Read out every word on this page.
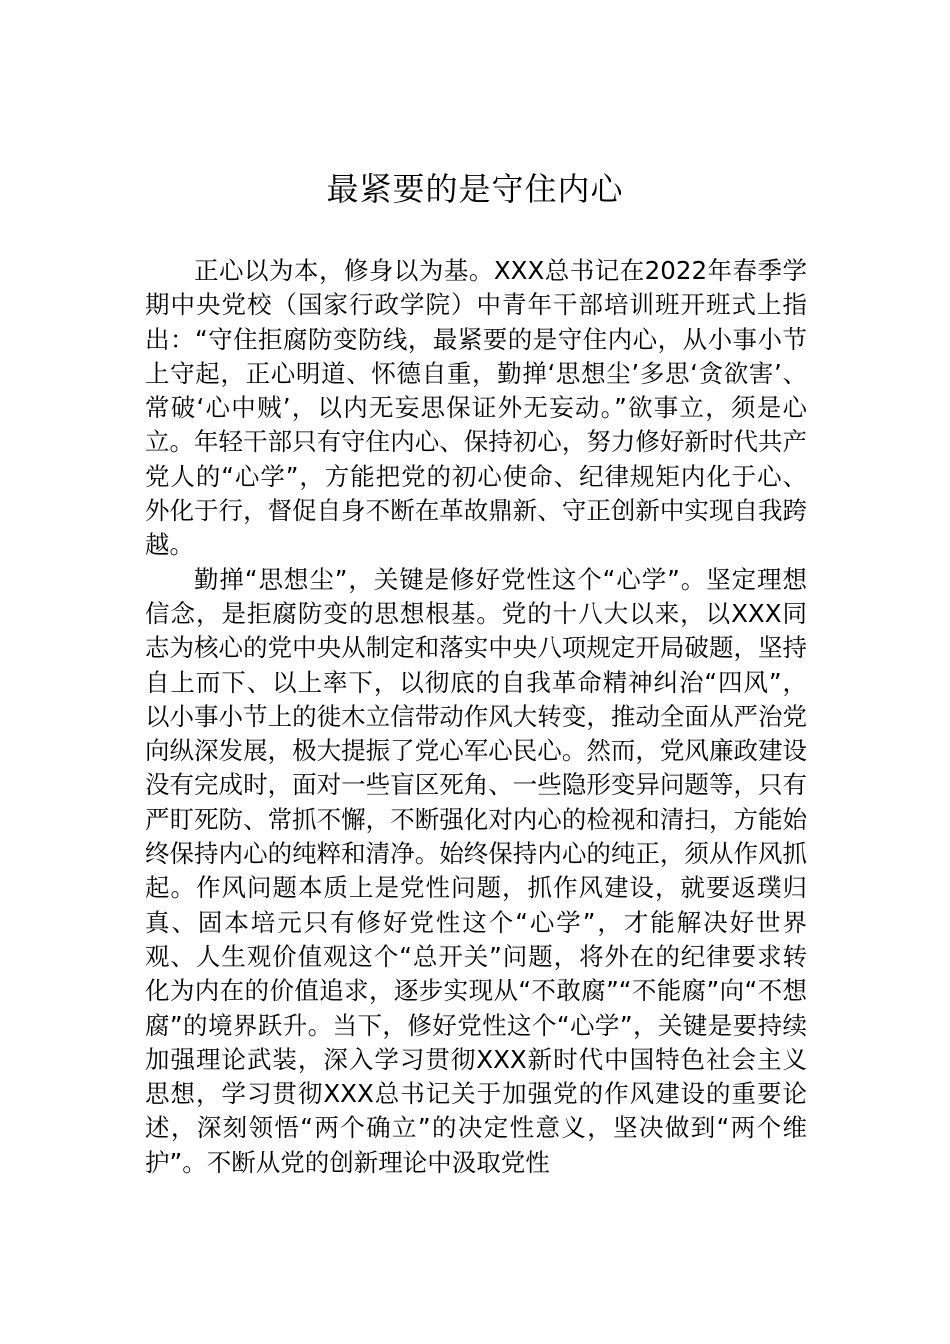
最紧要的是守住内心

正心以为本，修身以为基。XXX总书记在2022年春季学期中央党校（国家行政学院）中青年干部培训班开班式上指出：“守住拒腐防变防线，最紧要的是守住内心，从小事小节上守起，正心明道、怀德自重，勤掸‘思想尘’多思‘贪欲害’、常破‘心中贼’，以内无妄思保证外无妄动。”欲事立，须是心立。年轻干部只有守住内心、保持初心，努力修好新时代共产党人的“心学”，方能把党的初心使命、纪律规矩内化于心、外化于行，督促自身不断在革故鼎新、守正创新中实现自我跨越。

勤掸“思想尘”，关键是修好党性这个“心学”。坚定理想信念，是拒腐防变的思想根基。党的十八大以来，以XXX同志为核心的党中央从制定和落实中央八项规定开局破题，坚持自上而下、以上率下，以彻底的自我革命精神纠治“四风”，以小事小节上的徙木立信带动作风大转变，推动全面从严治党向纵深发展，极大提振了党心军心民心。然而，党风廉政建设没有完成时，面对一些盲区死角、一些隐形变异问题等，只有严盯死防、常抓不懈，不断强化对内心的检视和清扫，方能始终保持内心的纯粹和清净。始终保持内心的纯正，须从作风抓起。作风问题本质上是党性问题，抓作风建设，就要返璞归真、固本培元只有修好党性这个“心学”，才能解决好世界观、人生观价值观这个“总开关”问题，将外在的纪律要求转化为内在的价值追求，逐步实现从“不敢腐”“不能腐”向“不想腐”的境界跃升。当下，修好党性这个“心学”，关键是要持续加强理论武装，深入学习贯彻XXX新时代中国特色社会主义思想，学习贯彻XXX总书记关于加强党的作风建设的重要论述，深刻领悟“两个确立”的决定性意义，坚决做到“两个维护”。不断从党的创新理论中汲取党性
